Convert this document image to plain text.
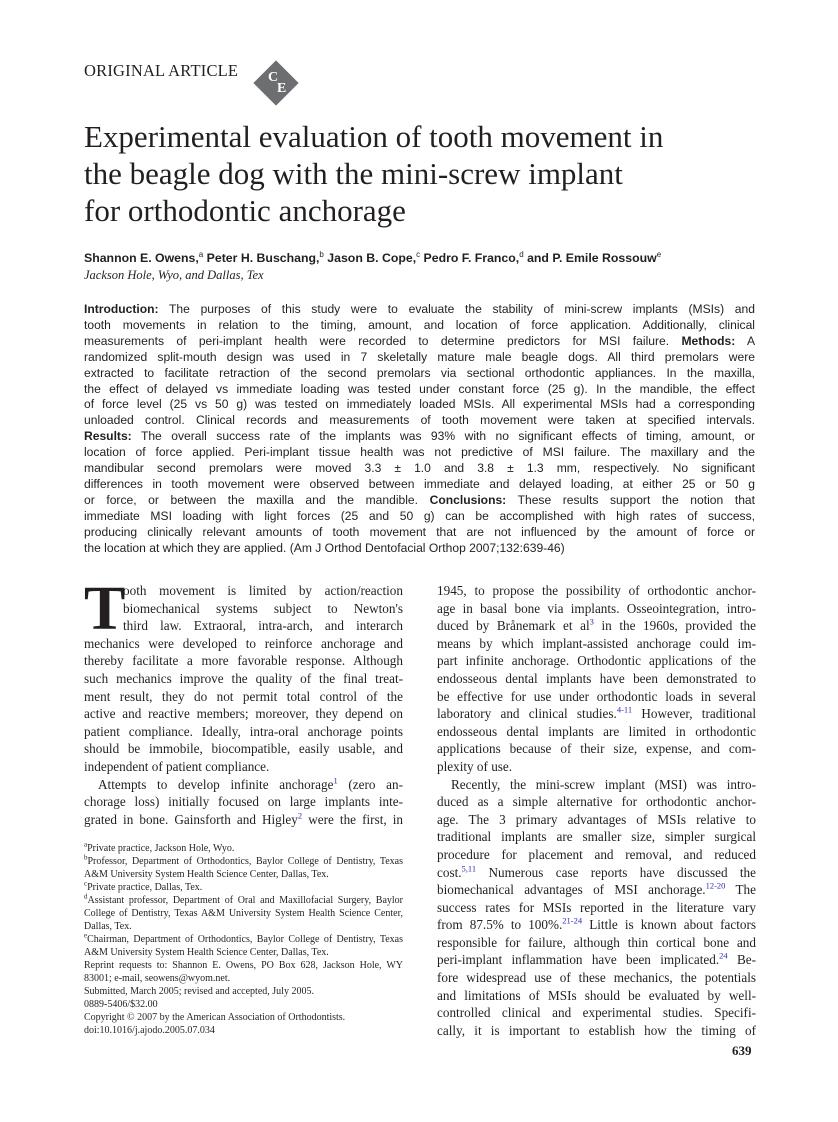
ORIGINAL ARTICLE C
E
Experimental evaluation of tooth movement in
the beagle dog with the mini-screw implant
for orthodontic anchorage
Shannon E. Owens,$^a$ Peter H. Buschang,$^b$ Jason B. Cope,$^c$ Pedro F. Franco,$^d$ and P. Emile Rossouw$^e$
Jackson Hole, Wyo, and Dallas, Tex
Introduction: The purposes of this study were to evaluate the stability of mini-screw implants (MSIs) and
tooth movements in relation to the timing, amount, and location of force application. Additionally, clinical
measurements of peri-implant health were recorded to determine predictors for MSI failure. Methods: A
randomized split-mouth design was used in 7 skeletally mature male beagle dogs. All third premolars were
extracted to facilitate retraction of the second premolars via sectional orthodontic appliances. In the maxilla,
the effect of delayed vs immediate loading was tested under constant force (25 g). In the mandible, the effect
of force level (25 vs 50 g) was tested on immediately loaded MSIs. All experimental MSIs had a corresponding
unloaded control. Clinical records and measurements of tooth movement were taken at specified intervals.
Results: The overall success rate of the implants was 93% with no significant effects of timing, amount, or
location of force applied. Peri-implant tissue health was not predictive of MSI failure. The maxillary and the
mandibular second premolars were moved 3.3 ± 1.0 and 3.8 ± 1.3 mm, respectively. No significant
differences in tooth movement were observed between immediate and delayed loading, at either 25 or 50 g
or force, or between the maxilla and the mandible. Conclusions: These results support the notion that
immediate MSI loading with light forces (25 and 50 g) can be accomplished with high rates of success,
producing clinically relevant amounts of tooth movement that are not influenced by the amount of force or
the location at which they are applied. (Am J Orthod Dentofacial Orthop 2007;132:639-46)
T
ooth movement is limited by action/reaction
biomechanical systems subject to Newton's
third law. Extraoral, intra-arch, and interarch
mechanics were developed to reinforce anchorage and
thereby facilitate a more favorable response. Although
such mechanics improve the quality of the final treat-
ment result, they do not permit total control of the
active and reactive members; moreover, they depend on
patient compliance. Ideally, intra-oral anchorage points
should be immobile, biocompatible, easily usable, and
independent of patient compliance.
Attempts to develop infinite anchorage$^1$ (zero an-
chorage loss) initially focused on large implants inte-
grated in bone. Gainsforth and Higley$^2$ were the first, in
1945, to propose the possibility of orthodontic anchor-
age in basal bone via implants. Osseointegration, intro-
duced by Brånemark et al$^3$ in the 1960s, provided the
means by which implant-assisted anchorage could im-
part infinite anchorage. Orthodontic applications of the
endosseous dental implants have been demonstrated to
be effective for use under orthodontic loads in several
laboratory and clinical studies.$^{4-11}$ However, traditional
endosseous dental implants are limited in orthodontic
applications because of their size, expense, and com-
plexity of use.
Recently, the mini-screw implant (MSI) was intro-
duced as a simple alternative for orthodontic anchor-
age. The 3 primary advantages of MSIs relative to
traditional implants are smaller size, simpler surgical
procedure for placement and removal, and reduced
cost.$^{5,11}$ Numerous case reports have discussed the
biomechanical advantages of MSI anchorage.$^{12-20}$ The
success rates for MSIs reported in the literature vary
from 87.5% to 100%.$^{21-24}$ Little is known about factors
responsible for failure, although thin cortical bone and
peri-implant inflammation have been implicated.$^{24}$ Be-
fore widespread use of these mechanics, the potentials
and limitations of MSIs should be evaluated by well-
controlled clinical and experimental studies. Specifi-
cally, it is important to establish how the timing of
$^a$Private practice, Jackson Hole, Wyo.
$^b$Professor, Department of Orthodontics, Baylor College of Dentistry, Texas
A&M University System Health Science Center, Dallas, Tex.
$^c$Private practice, Dallas, Tex.
$^d$Assistant professor, Department of Oral and Maxillofacial Surgery, Baylor
College of Dentistry, Texas A&M University System Health Science Center,
Dallas, Tex.
$^e$Chairman, Department of Orthodontics, Baylor College of Dentistry, Texas
A&M University System Health Science Center, Dallas, Tex.
Reprint requests to: Shannon E. Owens, PO Box 628, Jackson Hole, WY
83001; e-mail, seowens@wyom.net.
Submitted, March 2005; revised and accepted, July 2005.
0889-5406/$32.00
Copyright © 2007 by the American Association of Orthodontists.
doi:10.1016/j.ajodo.2005.07.034
639
